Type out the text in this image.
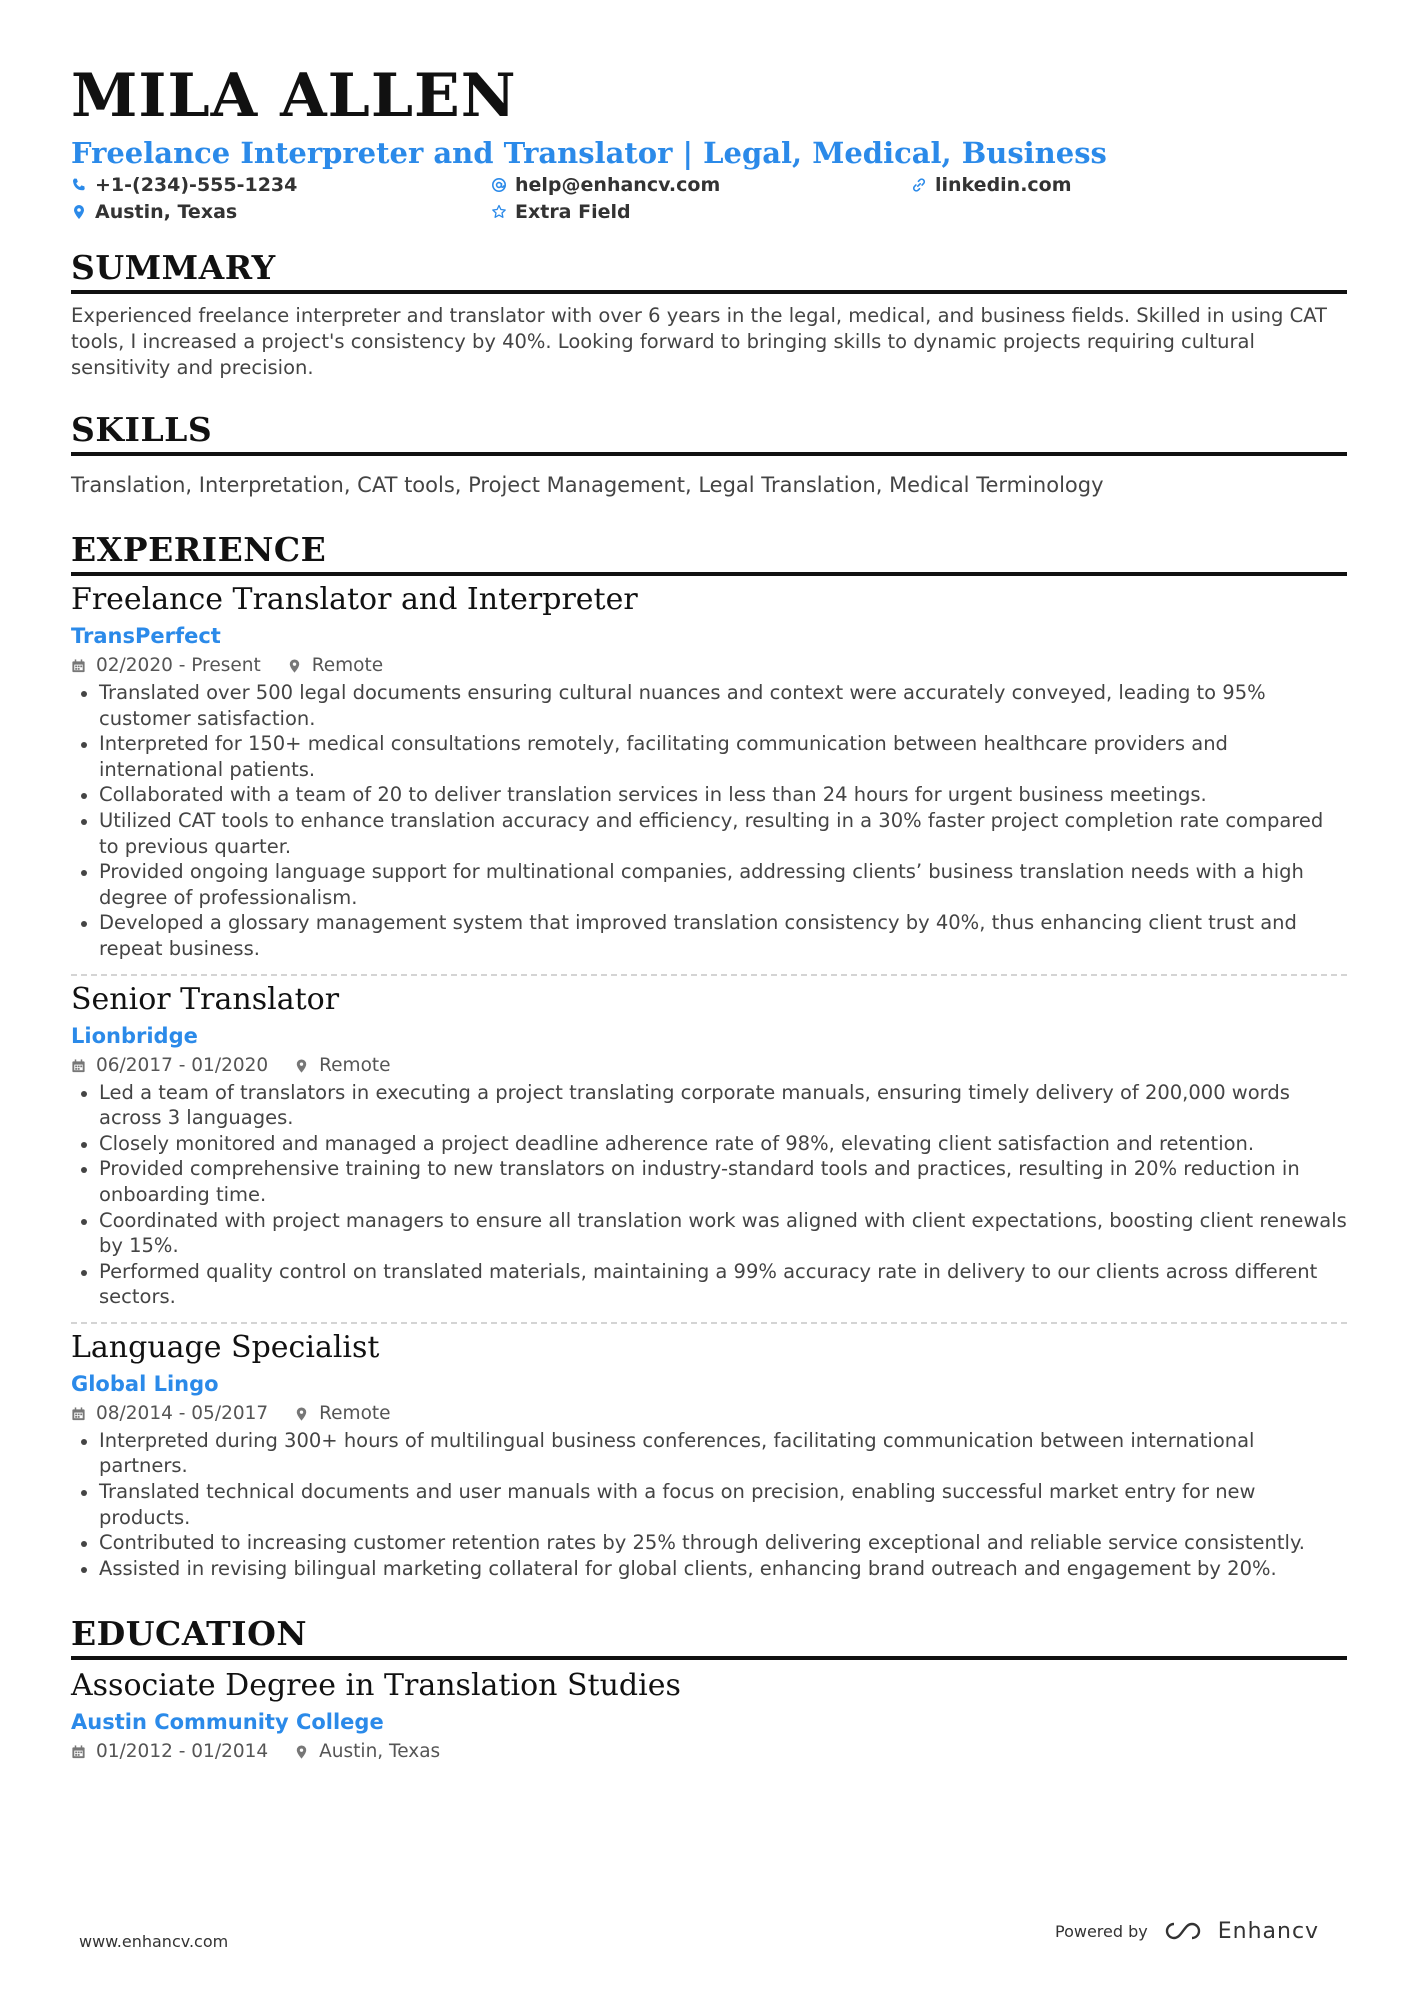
MILA ALLEN
Freelance Interpreter and Translator | Legal, Medical, Business
+1-(234)-555-1234	help@enhancv.com	linkedin.com
Austin, Texas	Extra Field
SUMMARY
Experienced freelance interpreter and translator with over 6 years in the legal, medical, and business fields. Skilled in using CAT tools, I increased a project's consistency by 40%. Looking forward to bringing skills to dynamic projects requiring cultural sensitivity and precision.
SKILLS
Translation, Interpretation, CAT tools, Project Management, Legal Translation, Medical Terminology
EXPERIENCE
Freelance Translator and Interpreter
TransPerfect
02/2020 - Present	Remote
Translated over 500 legal documents ensuring cultural nuances and context were accurately conveyed, leading to 95% customer satisfaction.
Interpreted for 150+ medical consultations remotely, facilitating communication between healthcare providers and international patients.
Collaborated with a team of 20 to deliver translation services in less than 24 hours for urgent business meetings.
Utilized CAT tools to enhance translation accuracy and efficiency, resulting in a 30% faster project completion rate compared to previous quarter.
Provided ongoing language support for multinational companies, addressing clients’ business translation needs with a high degree of professionalism.
Developed a glossary management system that improved translation consistency by 40%, thus enhancing client trust and repeat business.
Senior Translator
Lionbridge
06/2017 - 01/2020	Remote
Led a team of translators in executing a project translating corporate manuals, ensuring timely delivery of 200,000 words across 3 languages.
Closely monitored and managed a project deadline adherence rate of 98%, elevating client satisfaction and retention.
Provided comprehensive training to new translators on industry-standard tools and practices, resulting in 20% reduction in onboarding time.
Coordinated with project managers to ensure all translation work was aligned with client expectations, boosting client renewals by 15%.
Performed quality control on translated materials, maintaining a 99% accuracy rate in delivery to our clients across different sectors.
Language Specialist
Global Lingo
08/2014 - 05/2017	Remote
Interpreted during 300+ hours of multilingual business conferences, facilitating communication between international partners.
Translated technical documents and user manuals with a focus on precision, enabling successful market entry for new products.
Contributed to increasing customer retention rates by 25% through delivering exceptional and reliable service consistently.
Assisted in revising bilingual marketing collateral for global clients, enhancing brand outreach and engagement by 20%.
EDUCATION
Associate Degree in Translation Studies
Austin Community College
01/2012 - 01/2014	Austin, Texas
www.enhancv.com
Powered by	Enhancv
